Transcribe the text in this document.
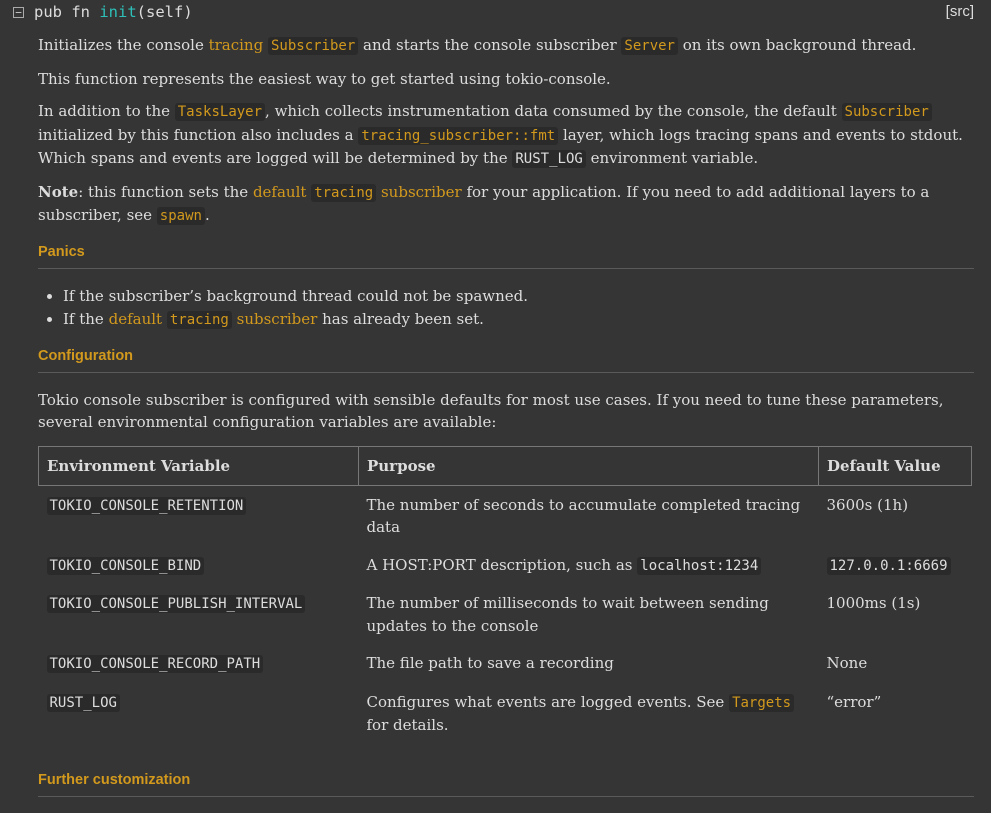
− pub fn init(self)	[src]

Initializes the console tracing Subscriber and starts the console subscriber Server on its own background thread.

This function represents the easiest way to get started using tokio-console.

In addition to the TasksLayer , which collects instrumentation data consumed by the console, the default Subscriber initialized by this function also includes a tracing_subscriber::fmt layer, which logs tracing spans and events to stdout. Which spans and events are logged will be determined by the RUST_LOG environment variable.

Note: this function sets the default tracing subscriber for your application. If you need to add additional layers to a subscriber, see spawn .

Panics
• If the subscriber’s background thread could not be spawned.
• If the default tracing subscriber has already been set.
Configuration

Tokio console subscriber is configured with sensible defaults for most use cases. If you need to tune these parameters, several environmental configuration variables are available:

Environment Variable	Purpose	Default Value
TOKIO_CONSOLE_RETENTION	The number of seconds to accumulate completed tracing data	3600s (1h)
TOKIO_CONSOLE_BIND	A HOST:PORT description, such as localhost:1234	127.0.0.1:6669
TOKIO_CONSOLE_PUBLISH_INTERVAL	The number of milliseconds to wait between sending updates to the console	1000ms (1s)
TOKIO_CONSOLE_RECORD_PATH	The file path to save a recording	None
RUST_LOG	Configures what events are logged events. See Targets for details.	“error”
Further customization
